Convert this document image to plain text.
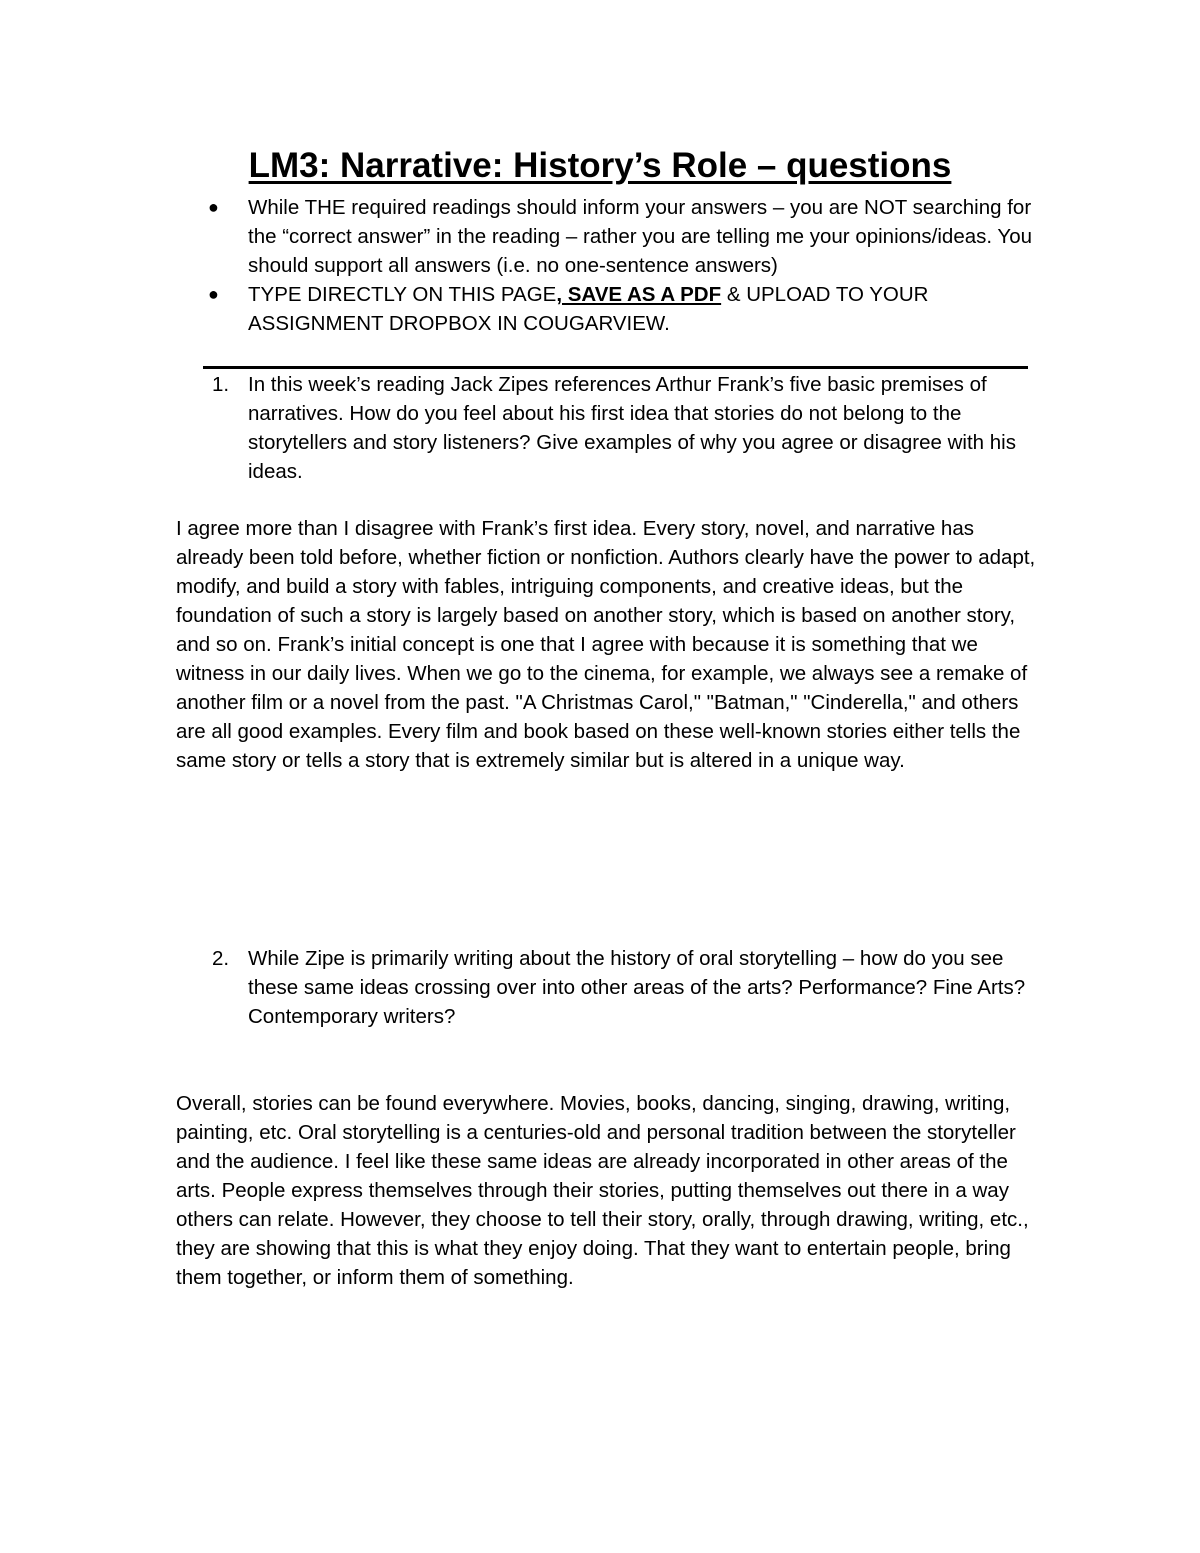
LM3: Narrative: History’s Role – questions
●	While THE required readings should inform your answers – you are NOT searching for the “correct answer” in the reading – rather you are telling me your opinions/ideas. You should support all answers (i.e. no one-sentence answers)
●	TYPE DIRECTLY ON THIS PAGE, SAVE AS A PDF & UPLOAD TO YOUR ASSIGNMENT DROPBOX IN COUGARVIEW.
1. In this week’s reading Jack Zipes references Arthur Frank’s five basic premises of narratives. How do you feel about his first idea that stories do not belong to the storytellers and story listeners? Give examples of why you agree or disagree with his ideas.

I agree more than I disagree with Frank’s first idea. Every story, novel, and narrative has already been told before, whether fiction or nonfiction. Authors clearly have the power to adapt, modify, and build a story with fables, intriguing components, and creative ideas, but the foundation of such a story is largely based on another story, which is based on another story, and so on. Frank’s initial concept is one that I agree with because it is something that we witness in our daily lives. When we go to the cinema, for example, we always see a remake of another film or a novel from the past. "A Christmas Carol," "Batman," "Cinderella," and others are all good examples. Every film and book based on these well-known stories either tells the same story or tells a story that is extremely similar but is altered in a unique way.

2. While Zipe is primarily writing about the history of oral storytelling – how do you see these same ideas crossing over into other areas of the arts? Performance? Fine Arts? Contemporary writers?

Overall, stories can be found everywhere. Movies, books, dancing, singing, drawing, writing, painting, etc. Oral storytelling is a centuries-old and personal tradition between the storyteller and the audience. I feel like these same ideas are already incorporated in other areas of the arts. People express themselves through their stories, putting themselves out there in a way others can relate. However, they choose to tell their story, orally, through drawing, writing, etc., they are showing that this is what they enjoy doing. That they want to entertain people, bring them together, or inform them of something.
